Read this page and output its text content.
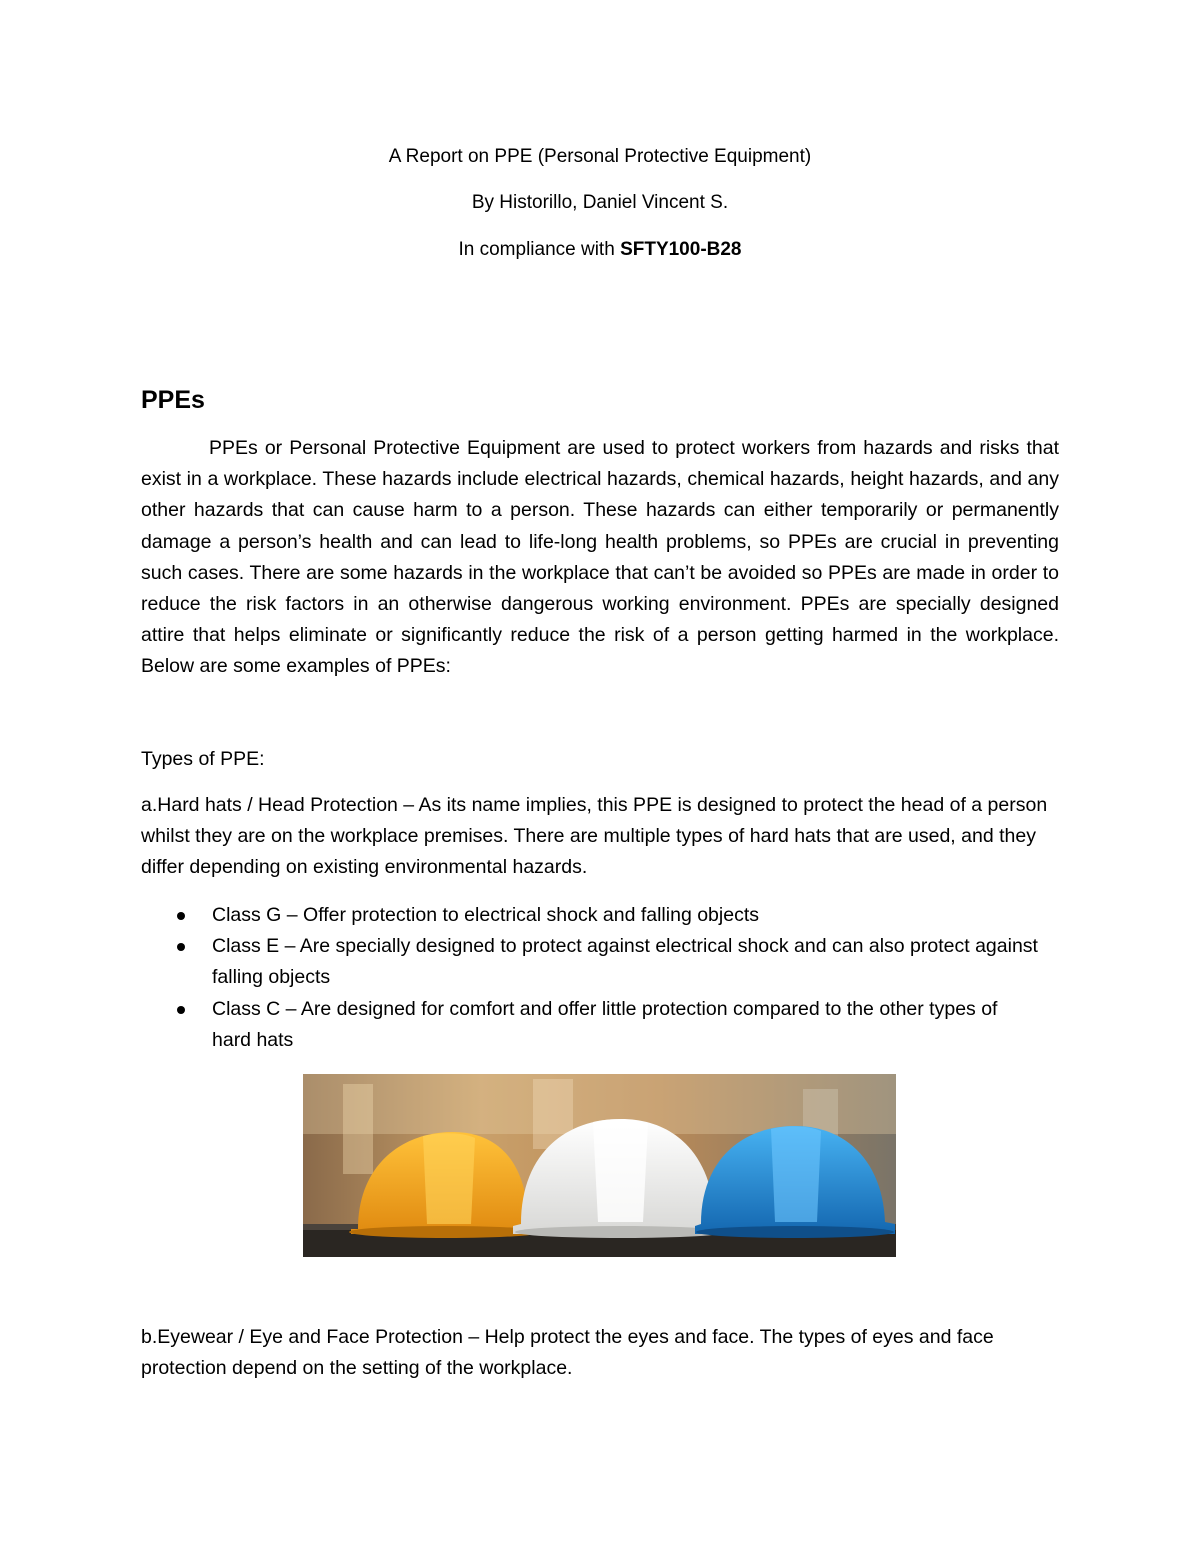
A Report on PPE (Personal Protective Equipment)
By Historillo, Daniel Vincent S.
In compliance with SFTY100-B28
PPEs
PPEs or Personal Protective Equipment are used to protect workers from hazards and risks that exist in a workplace. These hazards include electrical hazards, chemical hazards, height hazards, and any other hazards that can cause harm to a person. These hazards can either temporarily or permanently damage a person’s health and can lead to life-long health problems, so PPEs are crucial in preventing such cases. There are some hazards in the workplace that can’t be avoided so PPEs are made in order to reduce the risk factors in an otherwise dangerous working environment. PPEs are specially designed attire that helps eliminate or significantly reduce the risk of a person getting harmed in the workplace. Below are some examples of PPEs:
Types of PPE:
a.Hard hats / Head Protection – As its name implies, this PPE is designed to protect the head of a person whilst they are on the workplace premises. There are multiple types of hard hats that are used, and they differ depending on existing environmental hazards.
Class G – Offer protection to electrical shock and falling objects
Class E – Are specially designed to protect against electrical shock and can also protect against falling objects
Class C – Are designed for comfort and offer little protection compared to the other types of hard hats
b.Eyewear / Eye and Face Protection – Help protect the eyes and face. The types of eyes and face protection depend on the setting of the workplace.
